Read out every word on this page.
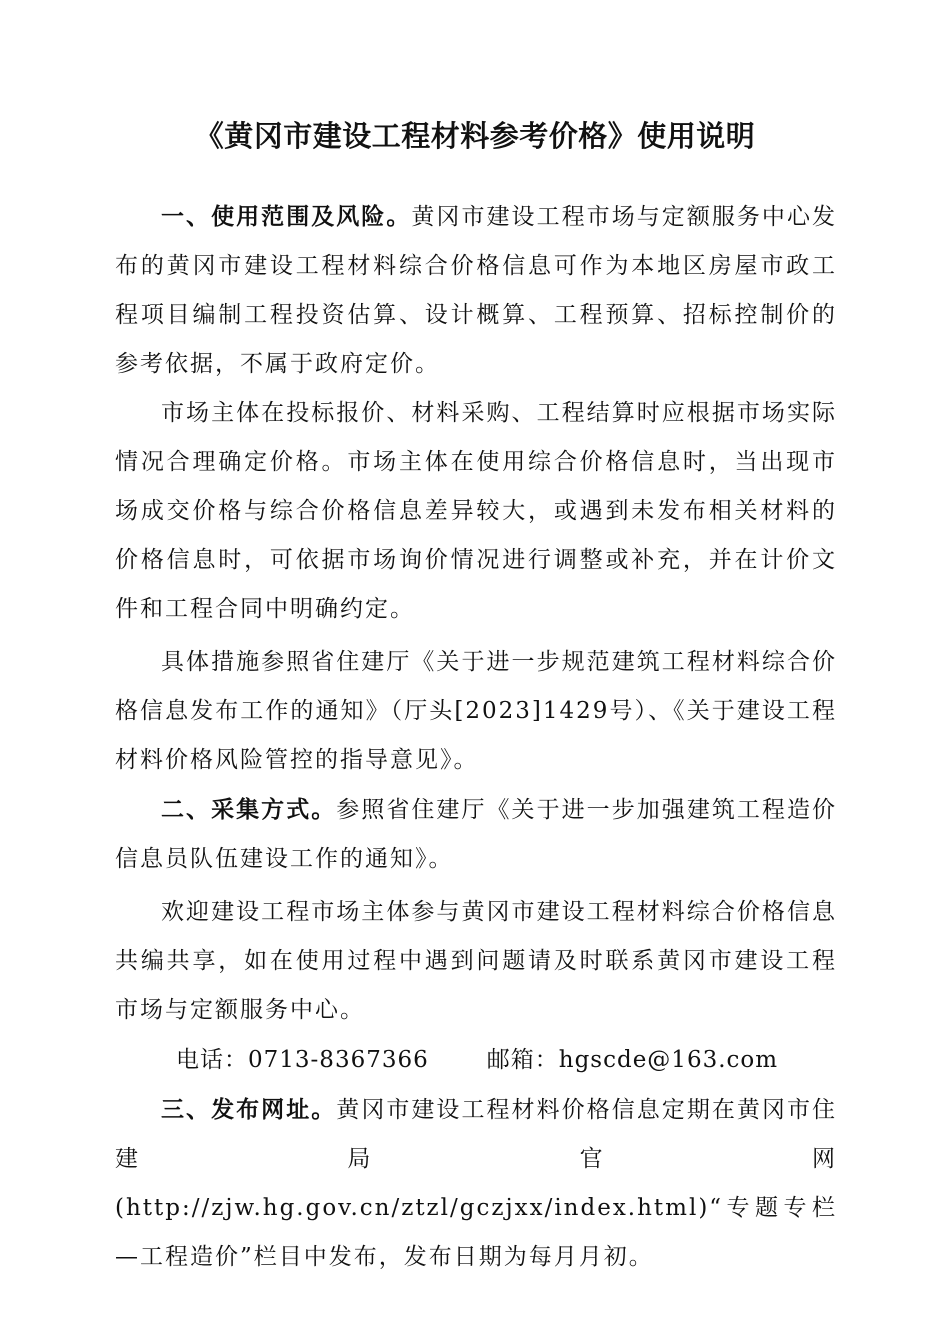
《黄冈市建设工程材料参考价格》使用说明

一、使用范围及风险。黄冈市建设工程市场与定额服务中心发布的黄冈市建设工程材料综合价格信息可作为本地区房屋市政工程项目编制工程投资估算、设计概算、工程预算、招标控制价的参考依据，不属于政府定价。

市场主体在投标报价、材料采购、工程结算时应根据市场实际情况合理确定价格。市场主体在使用综合价格信息时，当出现市场成交价格与综合价格信息差异较大，或遇到未发布相关材料的价格信息时，可依据市场询价情况进行调整或补充，并在计价文件和工程合同中明确约定。

具体措施参照省住建厅《关于进一步规范建筑工程材料综合价格信息发布工作的通知》（厅头[2023]1429号）、《关于建设工程材料价格风险管控的指导意见》。

二、采集方式。参照省住建厅《关于进一步加强建筑工程造价信息员队伍建设工作的通知》。

欢迎建设工程市场主体参与黄冈市建设工程材料综合价格信息共编共享，如在使用过程中遇到问题请及时联系黄冈市建设工程市场与定额服务中心。

电话：0713-8367366	邮箱：hgscde@163.com

三、发布网址。黄冈市建设工程材料价格信息定期在黄冈市住建局官网(http://zjw.hg.gov.cn/ztzl/gczjxx/index.html)“专题专栏—工程造价”栏目中发布，发布日期为每月月初。
